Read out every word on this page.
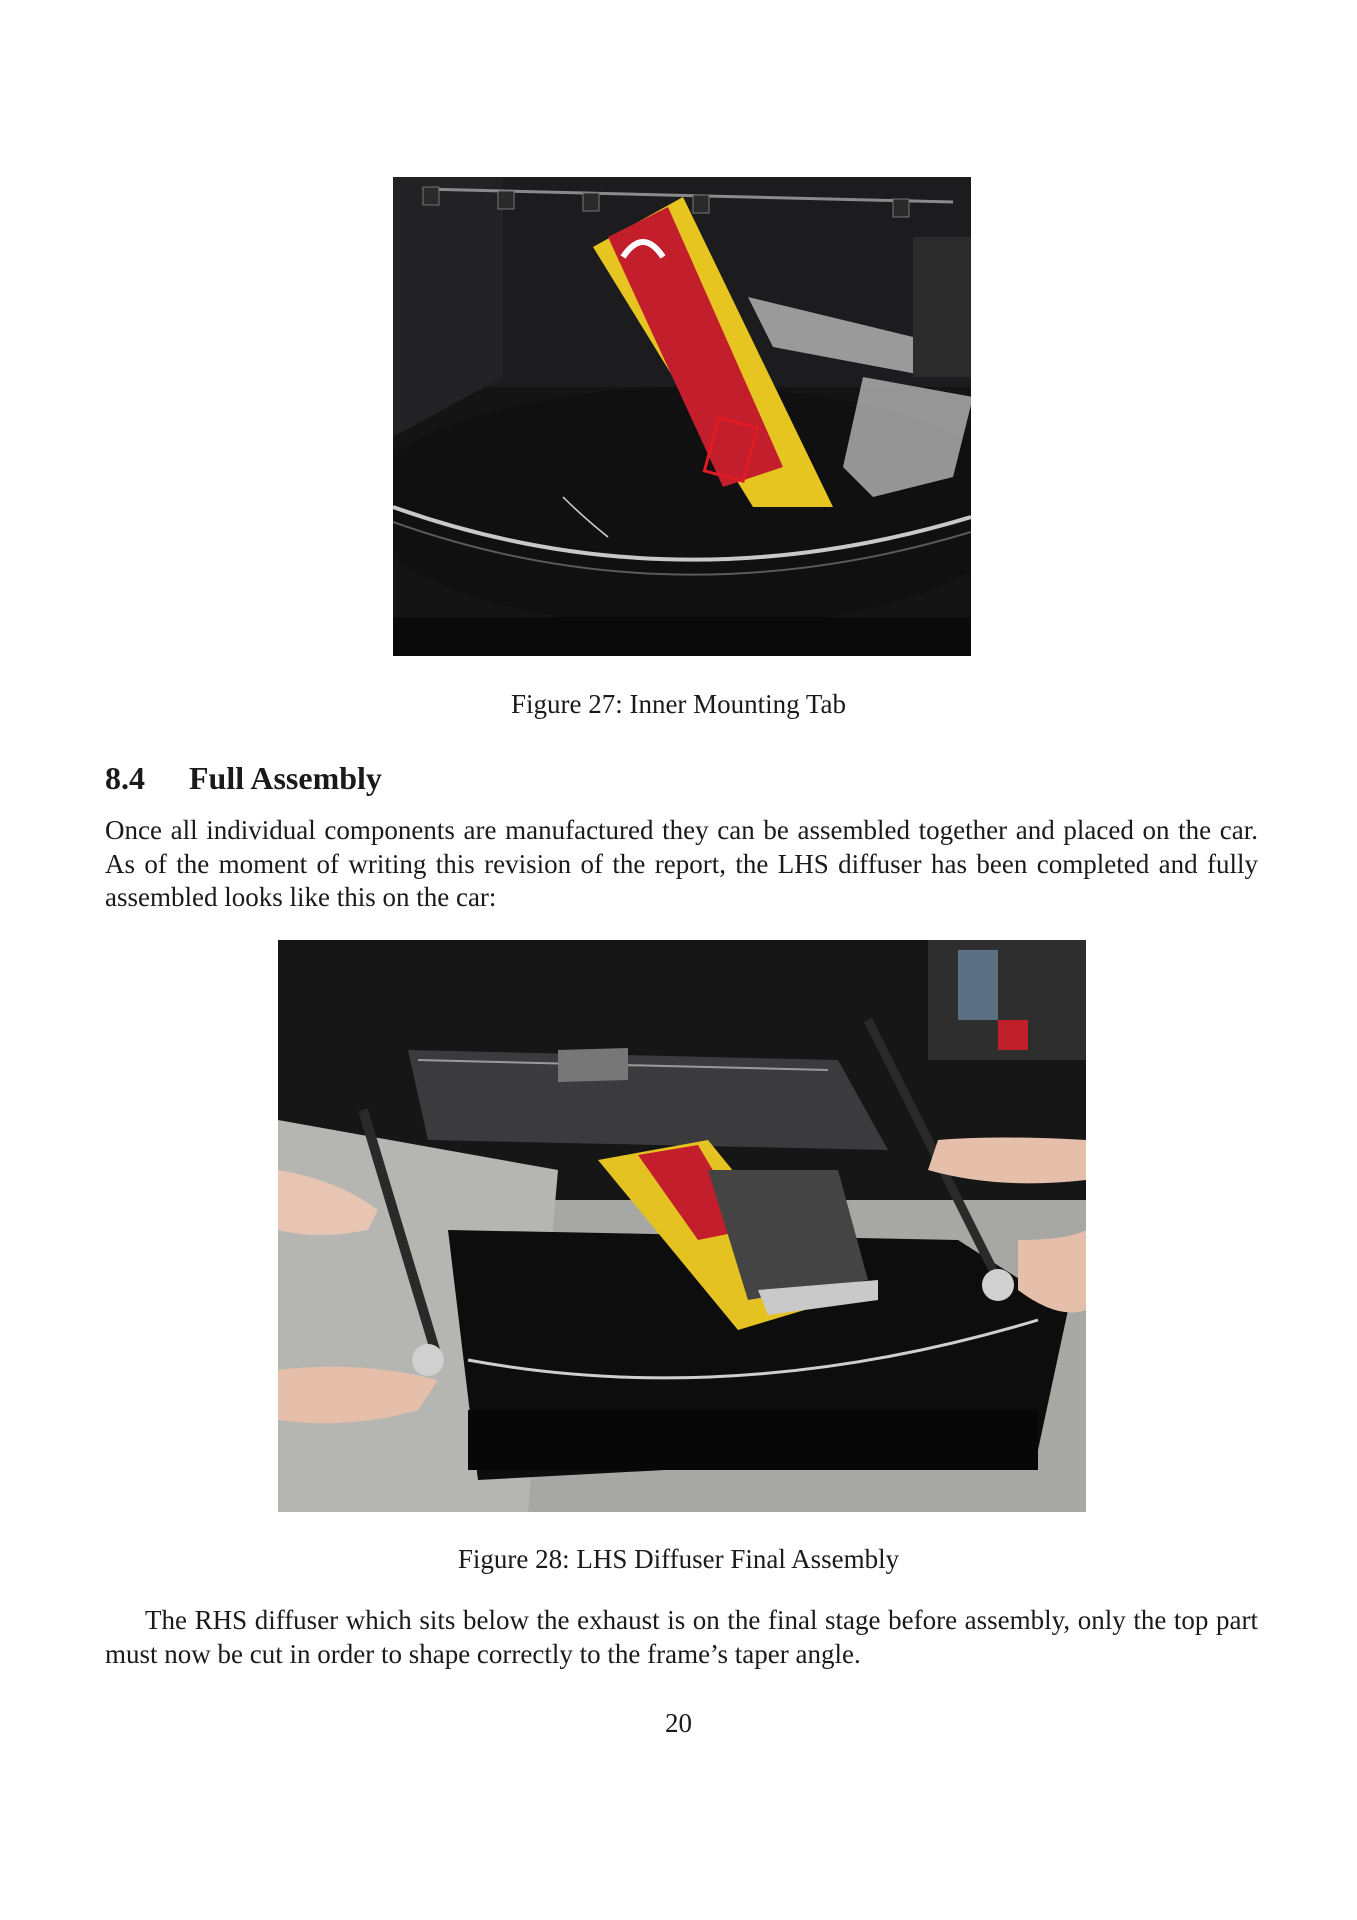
Figure 27: Inner Mounting Tab
8.4 Full Assembly
Once all individual components are manufactured they can be assembled together and placed on the car. As of the moment of writing this revision of the report, the LHS diffuser has been completed and fully assembled looks like this on the car:
Figure 28: LHS Diffuser Final Assembly
The RHS diffuser which sits below the exhaust is on the final stage before assembly, only the top part must now be cut in order to shape correctly to the frame’s taper angle.
20
